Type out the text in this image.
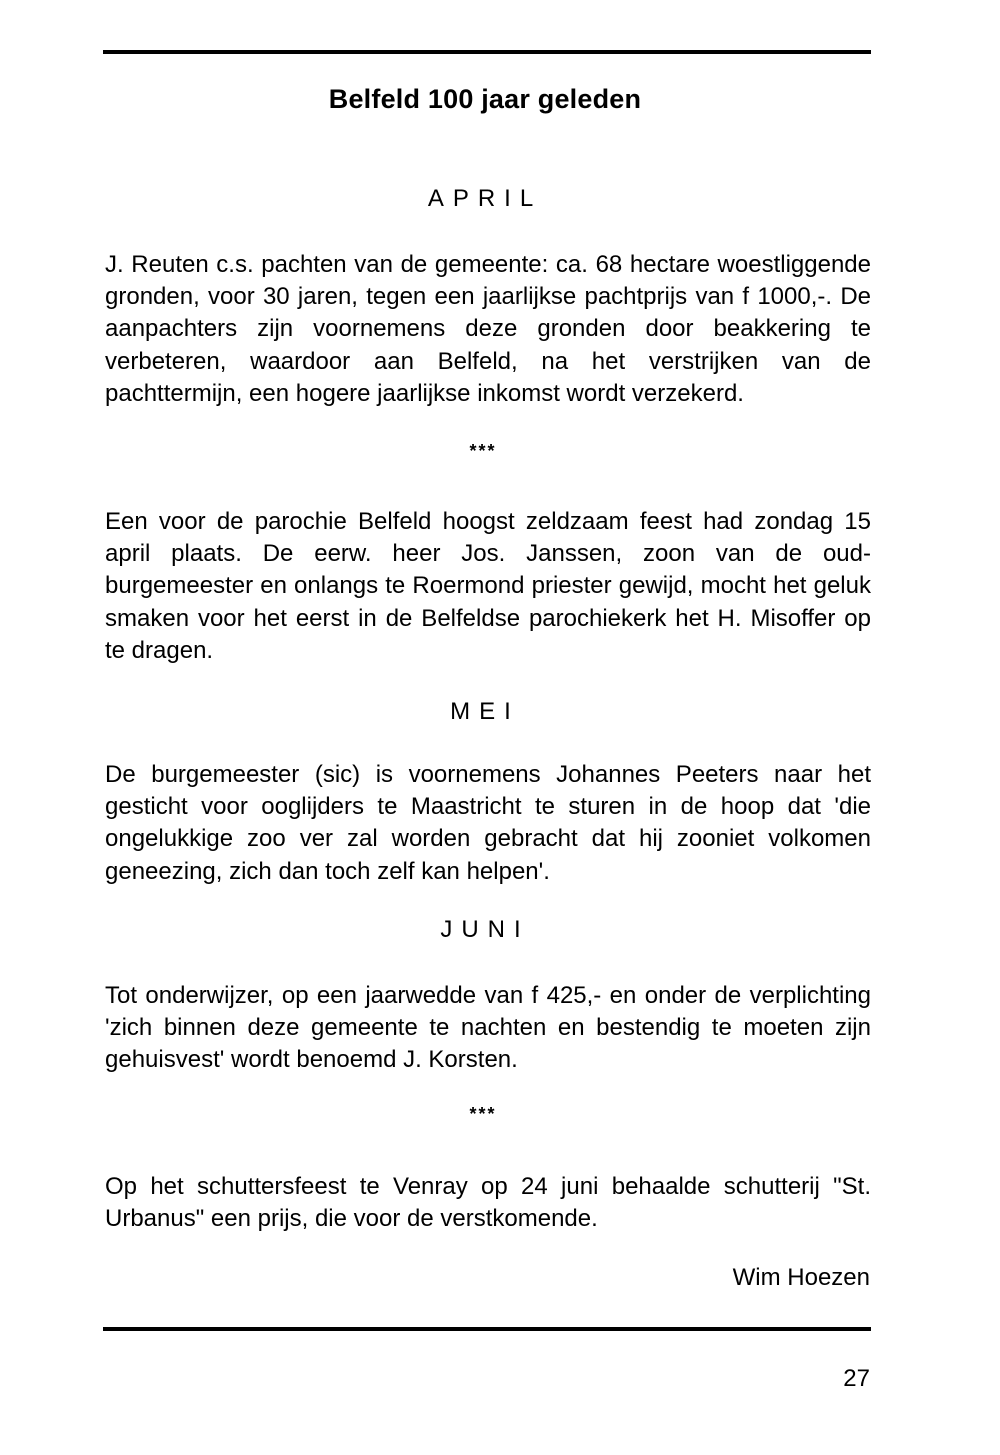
Belfeld 100 jaar geleden
APRIL

J. Reuten c.s. pachten van de gemeente: ca. 68 hectare woestliggende gronden, voor 30 jaren, tegen een jaarlijkse pachtprijs van f 1000,-. De aanpachters zijn voornemens deze gronden door beakkering te verbeteren, waardoor aan Belfeld, na het verstrijken van de pachttermijn, een hogere jaarlijkse inkomst wordt verzekerd.

***

Een voor de parochie Belfeld hoogst zeldzaam feest had zondag 15 april plaats. De eerw. heer Jos. Janssen, zoon van de oud-burgemeester en onlangs te Roermond priester gewijd, mocht het geluk smaken voor het eerst in de Belfeldse parochiekerk het H. Misoffer op te dragen.

MEI

De burgemeester (sic) is voornemens Johannes Peeters naar het gesticht voor ooglijders te Maastricht te sturen in de hoop dat 'die ongelukkige zoo ver zal worden gebracht dat hij zooniet volkomen geneezing, zich dan toch zelf kan helpen'.

JUNI

Tot onderwijzer, op een jaarwedde van f 425,- en onder de verplichting 'zich binnen deze gemeente te nachten en bestendig te moeten zijn gehuisvest' wordt benoemd J. Korsten.

***

Op het schuttersfeest te Venray op 24 juni behaalde schutterij "St. Urbanus" een prijs, die voor de verstkomende.

Wim Hoezen
27
